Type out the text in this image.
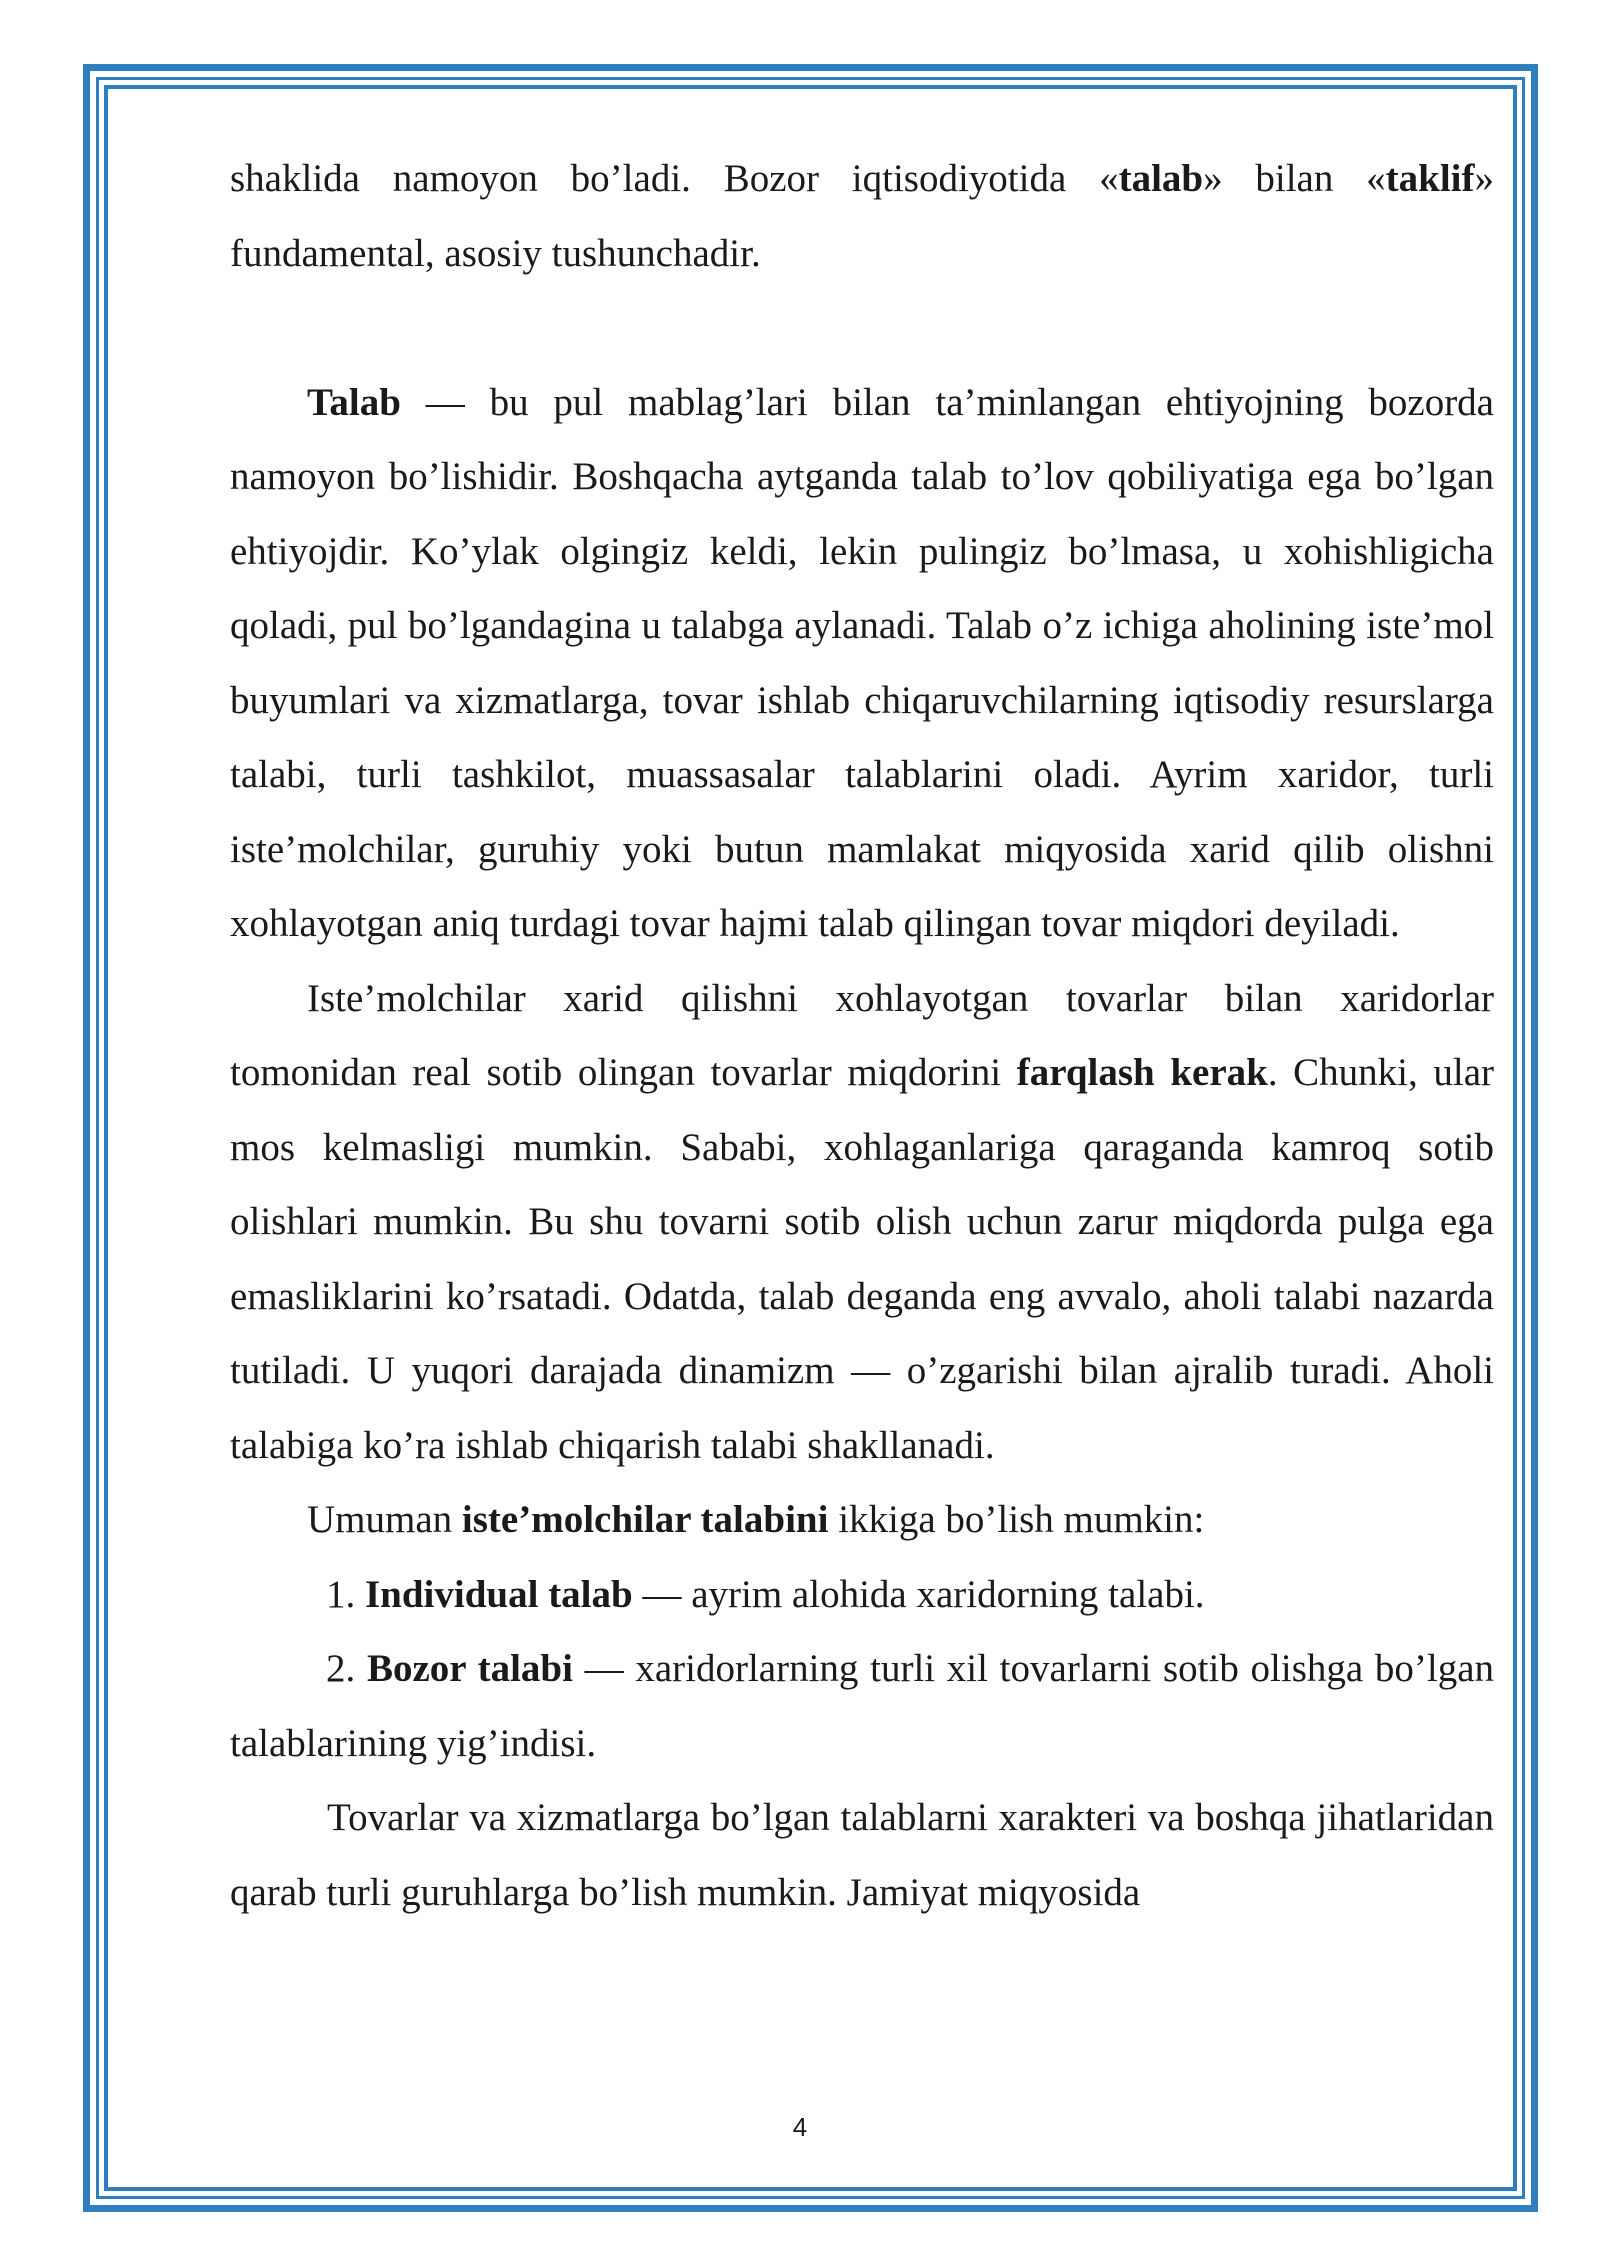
shaklida namoyon bo’ladi. Bozor iqtisodiyotida «talab» bilan «taklif» fundamental, asosiy tushunchadir.

Talab — bu pul mablag’lari bilan ta’minlangan ehtiyojning bozorda namoyon bo’lishidir. Boshqacha aytganda talab to’lov qobiliyatiga ega bo’lgan ehtiyojdir. Ko’ylak olgingiz keldi, lekin pulingiz bo’lmasa, u xohishligicha qoladi, pul bo’lgandagina u talabga aylanadi. Talab o’z ichiga aholining iste’mol buyumlari va xizmatlarga, tovar ishlab chiqaruvchilarning iqtisodiy resurslarga talabi, turli tashkilot, muassasalar talablarini oladi. Ayrim xaridor, turli iste’molchilar, guruhiy yoki butun mamlakat miqyosida xarid qilib olishni xohlayotgan aniq turdagi tovar hajmi talab qilingan tovar miqdori deyiladi.

Iste’molchilar xarid qilishni xohlayotgan tovarlar bilan xaridorlar tomonidan real sotib olingan tovarlar miqdorini farqlash kerak. Chunki, ular mos kelmasligi mumkin. Sababi, xohlaganlariga qaraganda kamroq sotib olishlari mumkin. Bu shu tovarni sotib olish uchun zarur miqdorda pulga ega emasliklarini ko’rsatadi. Odatda, talab deganda eng avvalo, aholi talabi nazarda tutiladi. U yuqori darajada dinamizm — o’zgarishi bilan ajralib turadi. Aholi talabiga ko’ra ishlab chiqarish talabi shakllanadi.

Umuman iste’molchilar talabini ikkiga bo’lish mumkin:

1. Individual talab — ayrim alohida xaridorning talabi.

2. Bozor talabi — xaridorlarning turli xil tovarlarni sotib olishga bo’lgan talablarining yig’indisi.

Tovarlar va xizmatlarga bo’lgan talablarni xarakteri va boshqa jihatlaridan qarab turli guruhlarga bo’lish mumkin. Jamiyat miqyosida

4
